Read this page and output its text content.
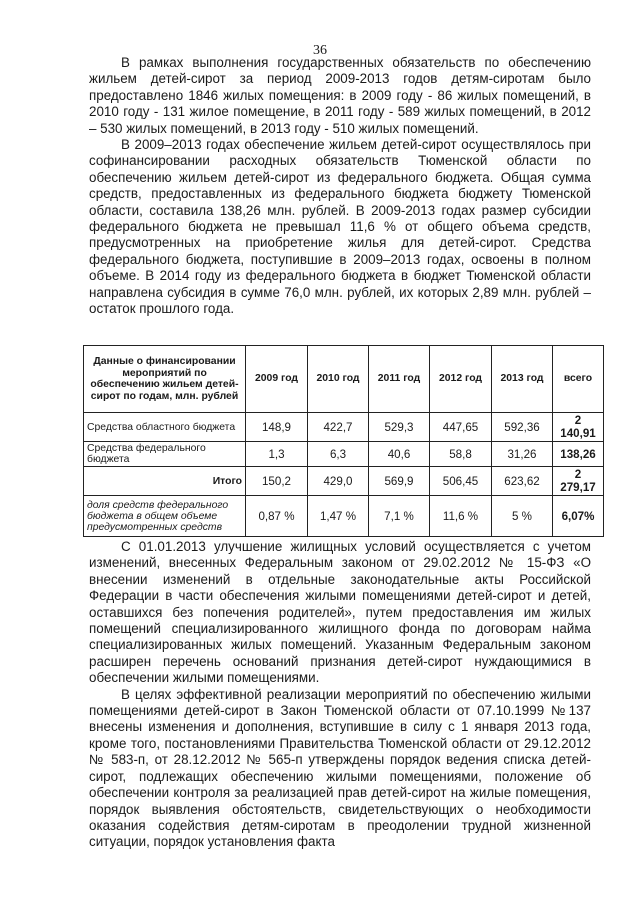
36

В рамках выполнения государственных обязательств по обеспечению жильем детей-сирот за период 2009-2013 годов детям-сиротам было предоставлено 1846 жилых помещения: в 2009 году - 86 жилых помещений, в 2010 году - 131 жилое помещение, в 2011 году - 589 жилых помещений, в 2012 – 530 жилых помещений, в 2013 году - 510 жилых помещений.

В 2009–2013 годах обеспечение жильем детей-сирот осуществлялось при софинансировании расходных обязательств Тюменской области по обеспечению жильем детей-сирот из федерального бюджета. Общая сумма средств, предоставленных из федерального бюджета бюджету Тюменской области, составила 138,26 млн. рублей. В 2009-2013 годах размер субсидии федерального бюджета не превышал 11,6 % от общего объема средств, предусмотренных на приобретение жилья для детей-сирот. Средства федерального бюджета, поступившие в 2009–2013 годах, освоены в полном объеме. В 2014 году из федерального бюджета в бюджет Тюменской области направлена субсидия в сумме 76,0 млн. рублей, их которых 2,89 млн. рублей – остаток прошлого года.

Данные о финансировании мероприятий по обеспечению жильем детей-сирот по годам, млн. рублей	2009 год	2010 год	2011 год	2012 год	2013 год	всего
Средства областного бюджета	148,9	422,7	529,3	447,65	592,36	2 140,91
Средства федерального бюджета	1,3	6,3	40,6	58,8	31,26	138,26
Итого	150,2	429,0	569,9	506,45	623,62	2 279,17
доля средств федерального бюджета в общем объеме предусмотренных средств	0,87 %	1,47 %	7,1 %	11,6 %	5 %	6,07%

С 01.01.2013 улучшение жилищных условий осуществляется с учетом изменений, внесенных Федеральным законом от 29.02.2012 № 15-ФЗ «О внесении изменений в отдельные законодательные акты Российской Федерации в части обеспечения жилыми помещениями детей-сирот и детей, оставшихся без попечения родителей», путем предоставления им жилых помещений специализированного жилищного фонда по договорам найма специализированных жилых помещений. Указанным Федеральным законом расширен перечень оснований признания детей-сирот нуждающимися в обеспечении жилыми помещениями.

В целях эффективной реализации мероприятий по обеспечению жилыми помещениями детей-сирот в Закон Тюменской области от 07.10.1999 №137 внесены изменения и дополнения, вступившие в силу с 1 января 2013 года, кроме того, постановлениями Правительства Тюменской области от 29.12.2012 № 583-п, от 28.12.2012 № 565-п утверждены порядок ведения списка детей-сирот, подлежащих обеспечению жилыми помещениями, положение об обеспечении контроля за реализацией прав детей-сирот на жилые помещения, порядок выявления обстоятельств, свидетельствующих о необходимости оказания содействия детям-сиротам в преодолении трудной жизненной ситуации, порядок установления факта
